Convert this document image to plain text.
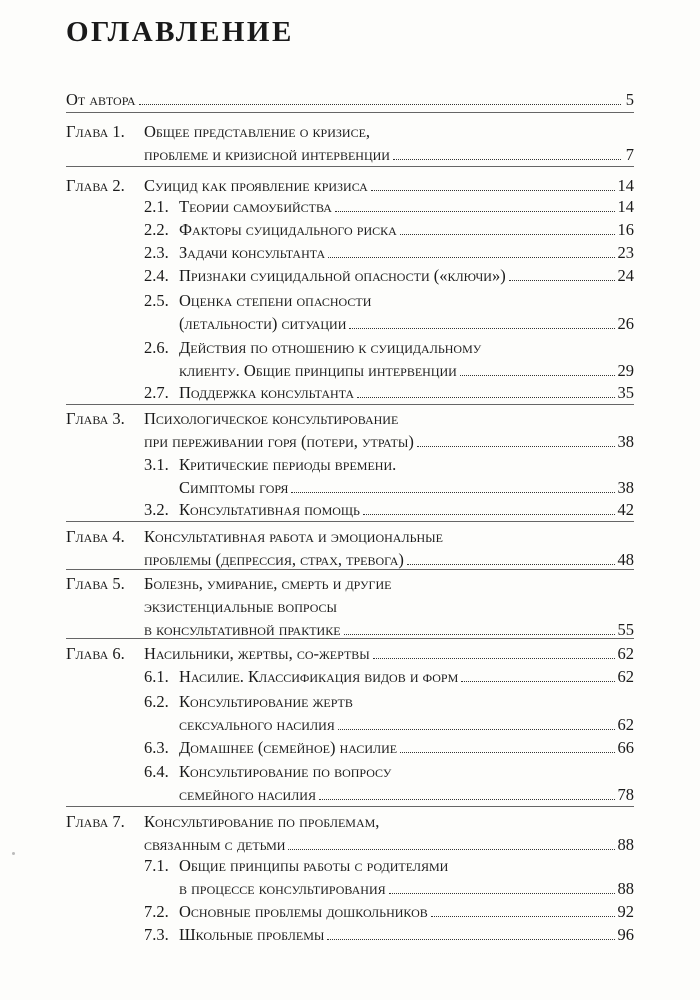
ОГЛАВЛЕНИЕ
От автора	5
Глава 1. Общее представление о кризисе,
проблеме и кризисной интервенции	7
Глава 2. Суицид как проявление кризиса	14
2.1. Теории самоубийства	14
2.2. Факторы суицидального риска	16
2.3. Задачи консультанта	23
2.4. Признаки суицидальной опасности («ключи»)	24
2.5. Оценка степени опасности
(летальности) ситуации	26
2.6. Действия по отношению к суицидальному
клиенту. Общие принципы интервенции	29
2.7. Поддержка консультанта	35
Глава 3. Психологическое консультирование
при переживании горя (потери, утраты)	38
3.1. Критические периоды времени.
Симптомы горя	38
3.2. Консультативная помощь	42
Глава 4. Консультативная работа и эмоциональные
проблемы (депрессия, страх, тревога)	48
Глава 5. Болезнь, умирание, смерть и другие
экзистенциальные вопросы
в консультативной практике	55
Глава 6. Насильники, жертвы, со-жертвы	62
6.1. Насилие. Классификация видов и форм	62
6.2. Консультирование жертв
сексуального насилия	62
6.3. Домашнее (семейное) насилие	66
6.4. Консультирование по вопросу
семейного насилия	78
Глава 7. Консультирование по проблемам,
связанным с детьми	88
7.1. Общие принципы работы с родителями
в процессе консультирования	88
7.2. Основные проблемы дошкольников	92
7.3. Школьные проблемы	96
